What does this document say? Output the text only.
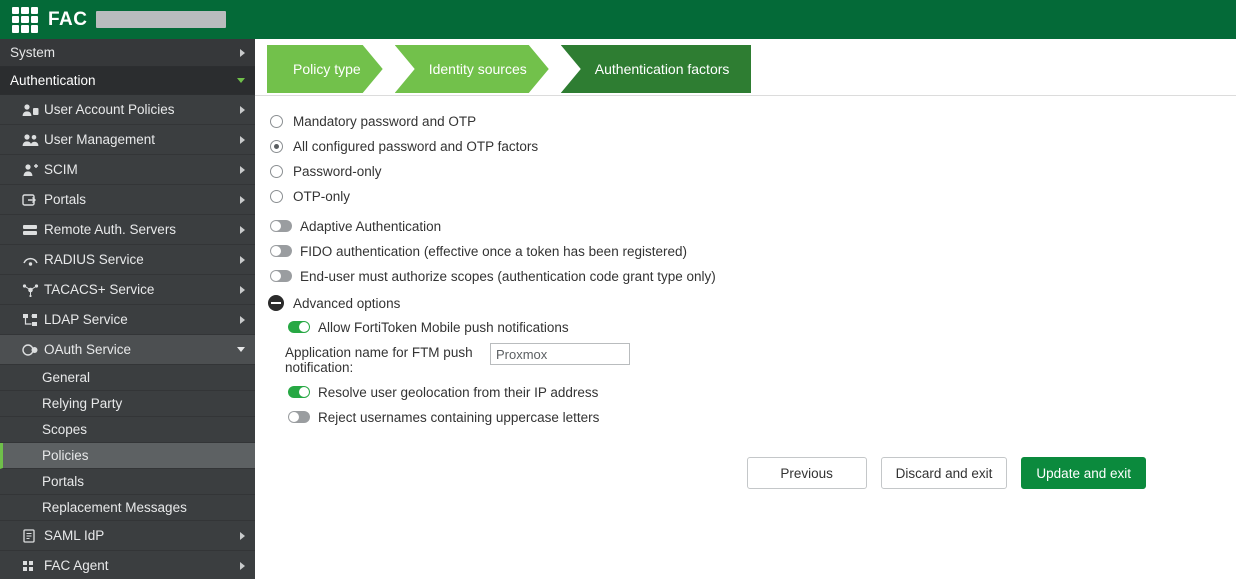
FAC
System
Authentication
User Account Policies
User Management
SCIM
Portals
Remote Auth. Servers
RADIUS Service
TACACS+ Service
LDAP Service
OAuth Service
General
Relying Party
Scopes
Policies
Portals
Replacement Messages
SAML IdP
FAC Agent
Policy type	Identity sources	Authentication factors
Mandatory password and OTP
All configured password and OTP factors
Password-only
OTP-only
Adaptive Authentication
FIDO authentication (effective once a token has been registered)
End-user must authorize scopes (authentication code grant type only)
Advanced options
Allow FortiToken Mobile push notifications
Application name for FTM push notification:
Proxmox
Resolve user geolocation from their IP address
Reject usernames containing uppercase letters
Previous	Discard and exit	Update and exit
